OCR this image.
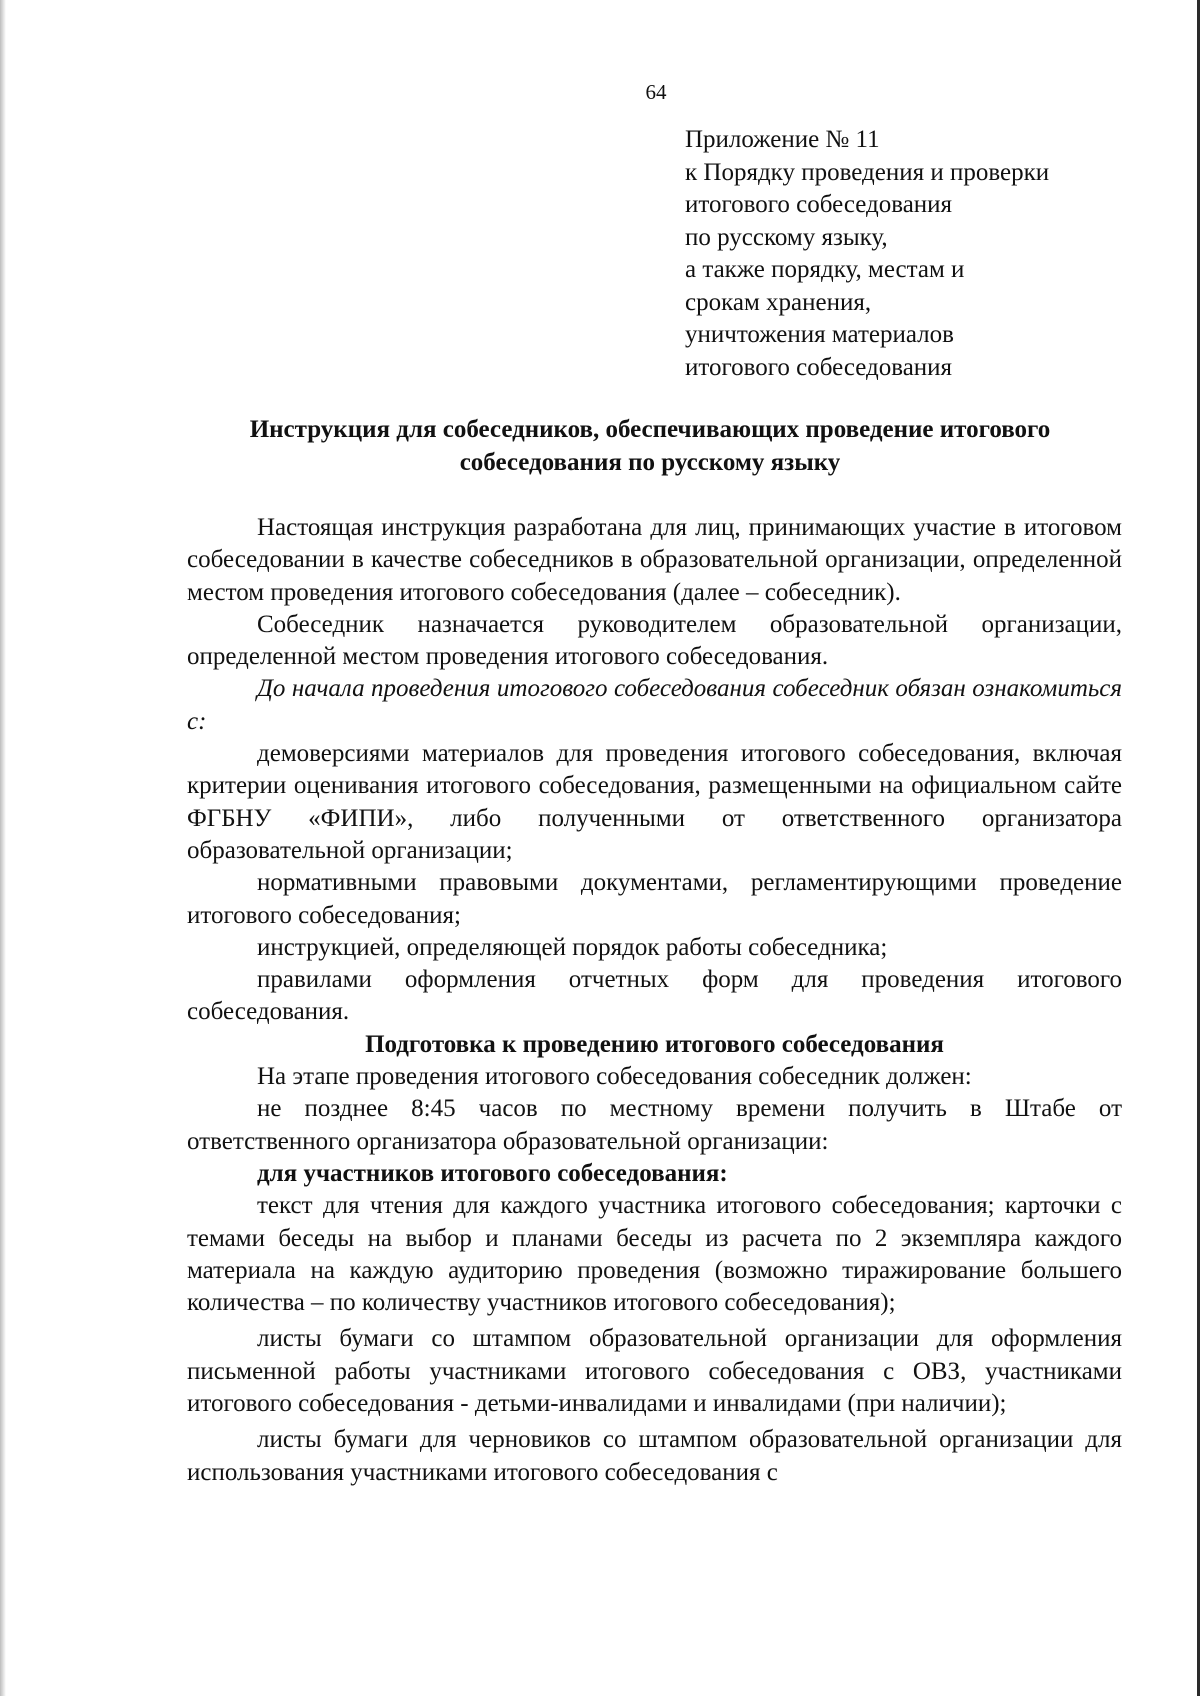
64
Приложение № 11
к Порядку проведения и проверки
итогового собеседования
по русскому языку,
а также порядку, местам и
срокам хранения,
уничтожения материалов
итогового собеседования
Инструкция для собеседников, обеспечивающих проведение итогового собеседования по русскому языку

Настоящая инструкция разработана для лиц, принимающих участие в итоговом собеседовании в качестве собеседников в образовательной организации, определенной местом проведения итогового собеседования (далее – собеседник).

Собеседник назначается руководителем образовательной организации, определенной местом проведения итогового собеседования.

До начала проведения итогового собеседования собеседник обязан ознакомиться с:

демоверсиями материалов для проведения итогового собеседования, включая критерии оценивания итогового собеседования, размещенными на официальном сайте ФГБНУ «ФИПИ», либо полученными от ответственного организатора образовательной организации;

нормативными правовыми документами, регламентирующими проведение итогового собеседования;

инструкцией, определяющей порядок работы собеседника;

правилами оформления отчетных форм для проведения итогового собеседования.

Подготовка к проведению итогового собеседования

На этапе проведения итогового собеседования собеседник должен:

не позднее 8:45 часов по местному времени получить в Штабе от ответственного организатора образовательной организации:

для участников итогового собеседования:

текст для чтения для каждого участника итогового собеседования; карточки с темами беседы на выбор и планами беседы из расчета по 2 экземпляра каждого материала на каждую аудиторию проведения (возможно тиражирование большего количества – по количеству участников итогового собеседования);

листы бумаги со штампом образовательной организации для оформления письменной работы участниками итогового собеседования с ОВЗ, участниками итогового собеседования - детьми-инвалидами и инвалидами (при наличии);

листы бумаги для черновиков со штампом образовательной организации для использования участниками итогового собеседования с
